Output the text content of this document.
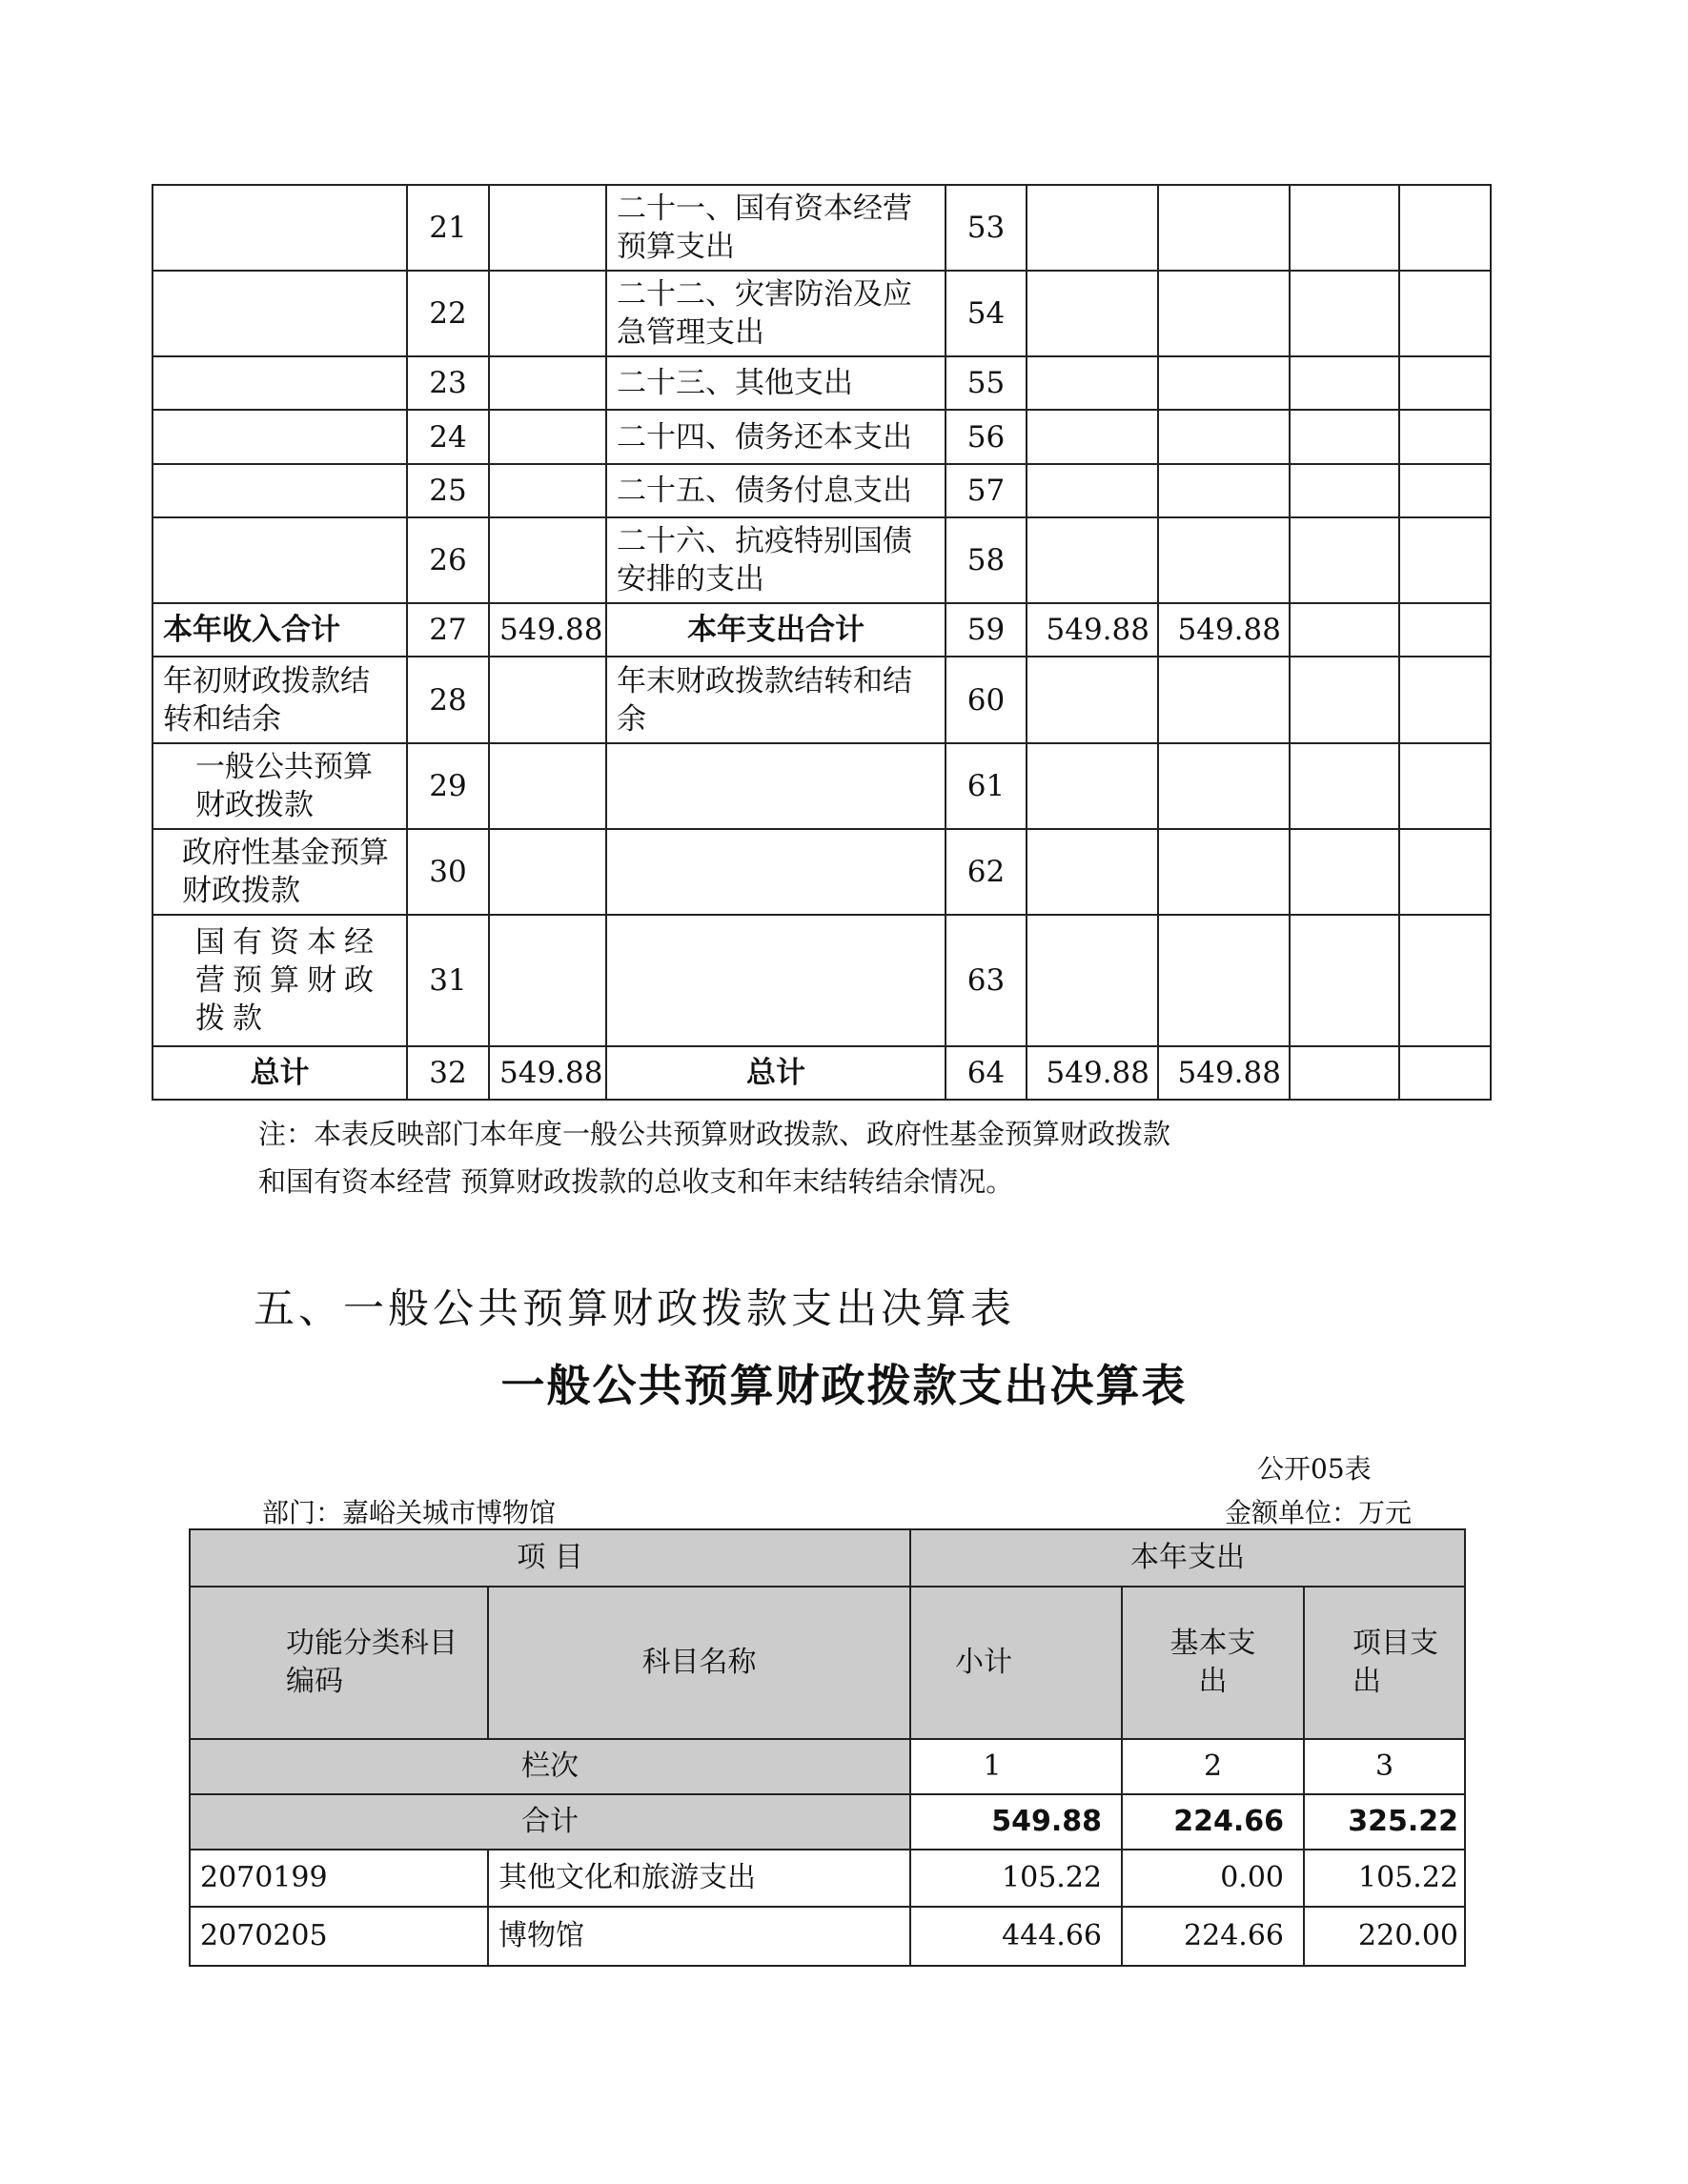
	21		二十一、国有资本经营预算支出	53				
	22		二十二、灾害防治及应急管理支出	54				
	23		二十三、其他支出	55				
	24		二十四、债务还本支出	56				
	25		二十五、债务付息支出	57				
	26		二十六、抗疫特别国债安排的支出	58				
本年收入合计	27	549.88	本年支出合计	59	549.88	549.88		
年初财政拨款结转和结余	28		年末财政拨款结转和结余	60				
一般公共预算财政拨款	29			61				
政府性基金预算财政拨款	30			62				
国有资本经营预算财政拨款	31			63				
总计	32	549.88	总计	64	549.88	549.88		
注：本表反映部门本年度一般公共预算财政拨款、政府性基金预算财政拨款
和国有资本经营 预算财政拨款的总收支和年末结转结余情况。
五、一般公共预算财政拨款支出决算表
一般公共预算财政拨款支出决算表
公开05表
部门：嘉峪关城市博物馆	金额单位：万元
项 目		本年支出		
功能分类科目编码	科目名称	小计	基本支出	项目支出
栏次		1	2	3
合计		549.88	224.66	325.22
2070199	其他文化和旅游支出	105.22	0.00	105.22
2070205	博物馆	444.66	224.66	220.00
